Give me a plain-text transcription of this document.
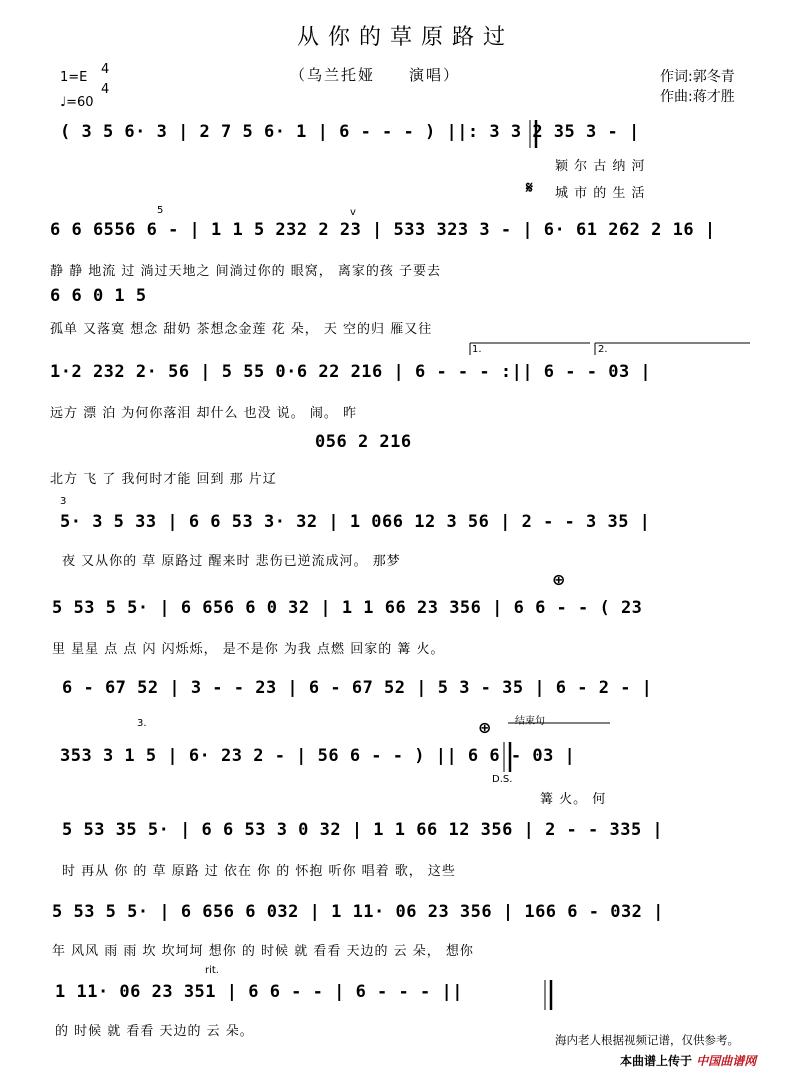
从你的草原路过
（乌兰托娅　　演唱）	作词:郭冬青
作曲:蒋才胜
1=E
4
4
♩=60
( 3 5 6· 3 | 2 7 5 6· 1 | 6 - - - ) ||: 3 3 2 35 3 - |
颖 尔 古 纳 河
城 市 的 生 活
𝄋
5	v
6 6 6556 6 - | 1 1 5 232 2 23 | 533 323 3 - | 6· 61 262 2 16 |
静 静 地流 过 淌过天地之 间淌过你的 眼窝， 离家的孩 子要去
6 6 0 1 5
孤单 又落寞 想念 甜奶 茶想念金莲 花 朵， 天 空的归 雁又往
1.	2.
1·2 232 2· 56 | 5 55 0·6 22 216 | 6 - - - :|| 6 - - 03 |
远方 漂 泊 为何你落泪 却什么 也没 说。 闹。 昨
056 2 216
北方 飞 了 我何时才能 回到 那 片辽
3
5· 3 5 33 | 6 6 53 3· 32 | 1 066 12 3 56 | 2 - - 3 35 |
夜 又从你的 草 原路过 醒来时 悲伤已逆流成河。 那梦
⊕
5 53 5 5· | 6 656 6 0 32 | 1 1 66 23 356 | 6 6 - - ( 23
里 星星 点 点 闪 闪烁烁， 是不是你 为我 点燃 回家的 篝 火。
6 - 67 52 | 3 - - 23 | 6 - 67 52 | 5 3 - 35 | 6 - 2 - |
3.	⊕ 结束句
353 3 1 5 | 6· 23 2 - | 56 6 - - ) || 6 6 - 03 |
D.S.
篝 火。 何
5 53 35 5· | 6 6 53 3 0 32 | 1 1 66 12 356 | 2 - - 335 |
时 再从 你 的 草 原路 过 依在 你 的 怀抱 听你 唱着 歌， 这些
5 53 5 5· | 6 656 6 032 | 1 11· 06 23 356 | 166 6 - 032 |
年 风风 雨 雨 坎 坎坷坷 想你 的 时候 就 看看 天边的 云 朵， 想你
rit.
1 11· 06 23 351 | 6 6 - - | 6 - - - ||
的 时候 就 看看 天边的 云 朵。
海内老人根据视频记谱，仅供参考。
本曲谱上传于 中国曲谱网
